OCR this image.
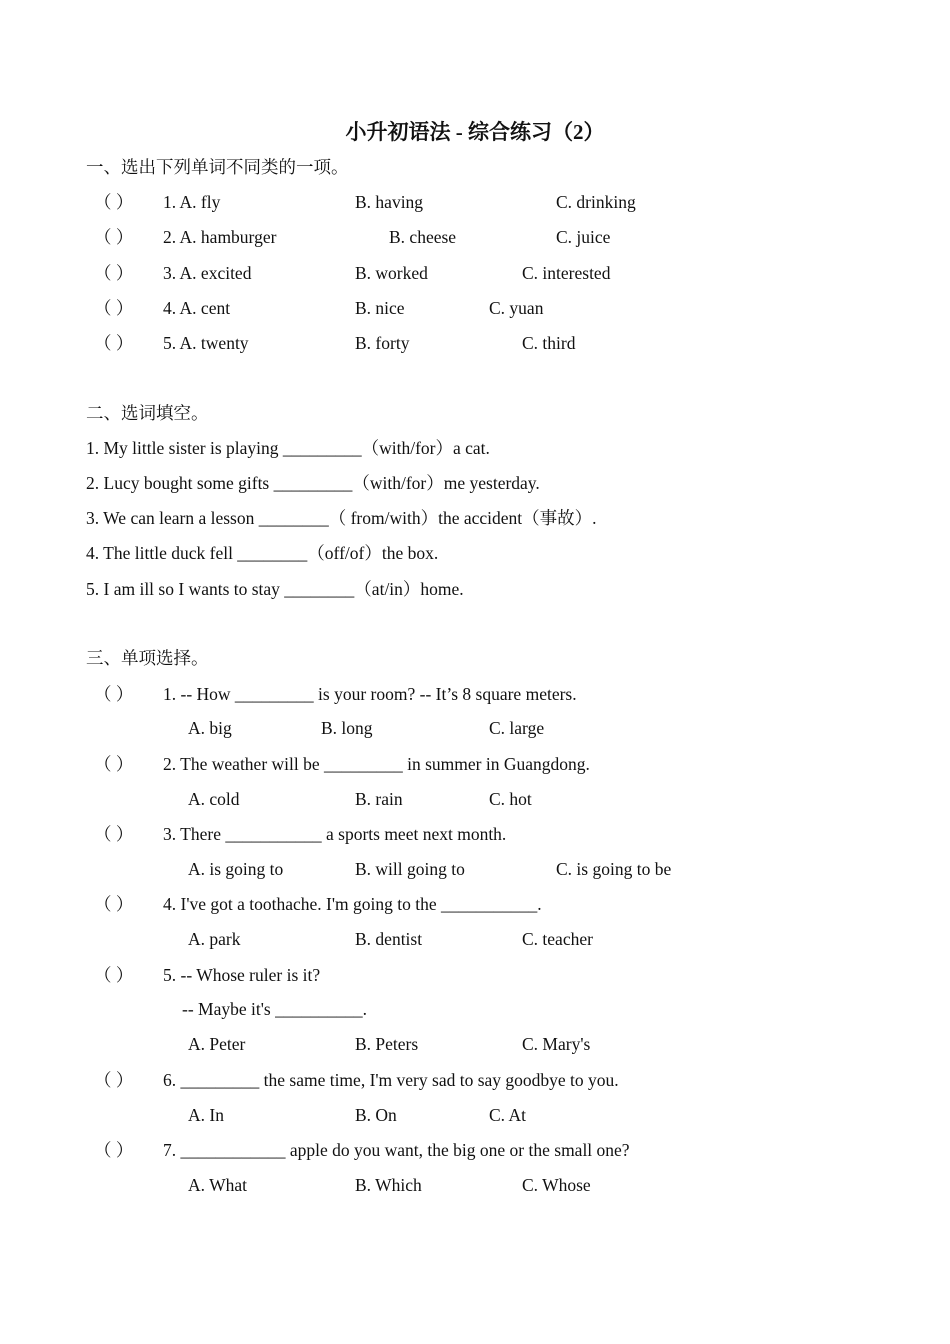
小升初语法 - 综合练习（2）
一、选出下列单词不同类的一项。
（ ） 1. A. fly	B. having	C. drinking
（ ） 2. A. hamburger	B. cheese	C. juice
（ ） 3. A. excited	B. worked	C. interested
（ ） 4. A. cent	B. nice	C. yuan
（ ） 5. A. twenty	B. forty	C. third
二、选词填空。
1. My little sister is playing _________（with/for）a cat.
2. Lucy bought some gifts _________（with/for）me yesterday.
3. We can learn a lesson ________（ from/with）the accident（事故）.
4. The little duck fell ________（off/of）the box.
5. I am ill so I wants to stay ________（at/in）home.
三、单项选择。
（ ） 1. -- How _________ is your room? -- It’s 8 square meters.
A. big	B. long	C. large
（ ） 2. The weather will be _________ in summer in Guangdong.
A. cold	B. rain	C. hot
（ ） 3. There ___________ a sports meet next month.
A. is going to	B. will going to	C. is going to be
（ ） 4. I've got a toothache. I'm going to the ___________.
A. park	B. dentist	C. teacher
（ ） 5. -- Whose ruler is it?
-- Maybe it's __________.
A. Peter	B. Peters	C. Mary's
（ ） 6. _________ the same time, I'm very sad to say goodbye to you.
A. In	B. On	C. At
（ ） 7. ____________ apple do you want, the big one or the small one?
A. What	B. Which	C. Whose
